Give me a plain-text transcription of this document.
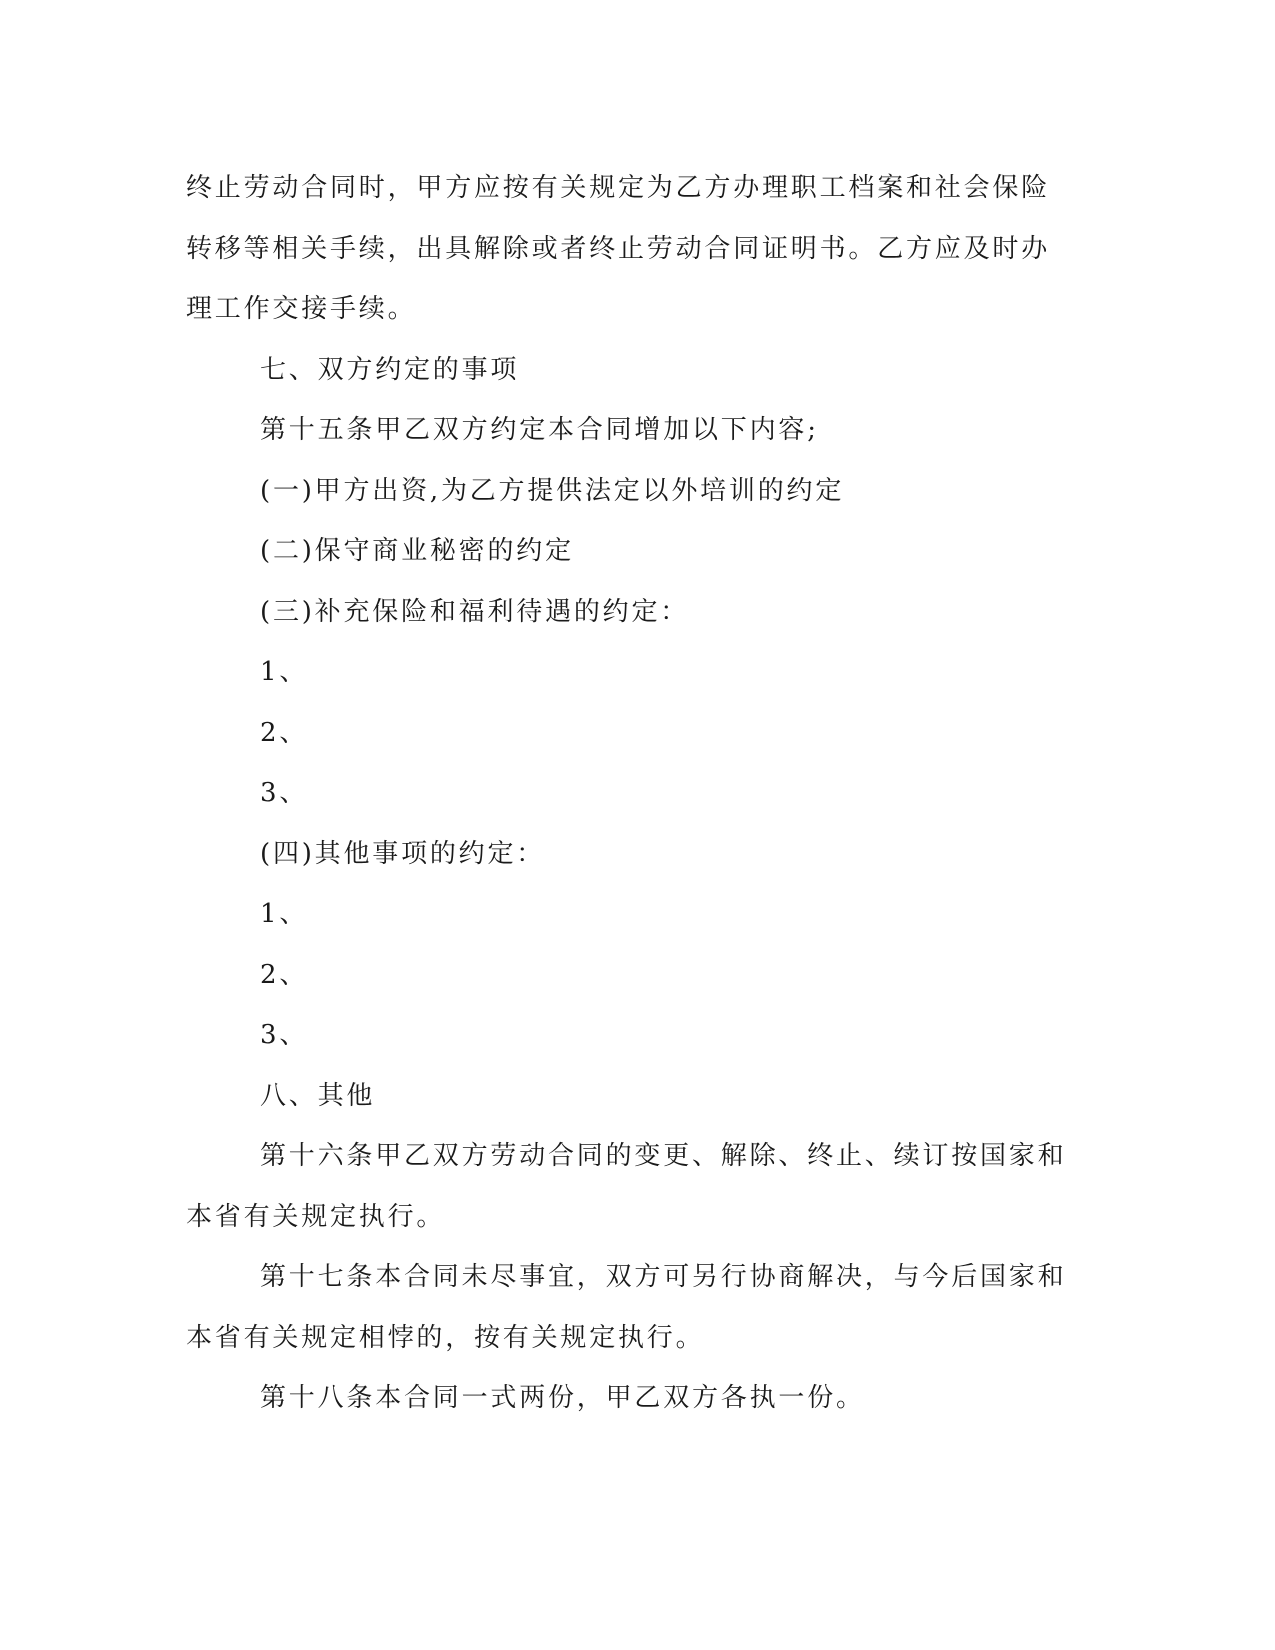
终止劳动合同时，甲方应按有关规定为乙方办理职工档案和社会保险
转移等相关手续，出具解除或者终止劳动合同证明书。乙方应及时办
理工作交接手续。
七、双方约定的事项
第十五条甲乙双方约定本合同增加以下内容;
(一)甲方出资,为乙方提供法定以外培训的约定
(二)保守商业秘密的约定
(三)补充保险和福利待遇的约定：
1、
2、
3、
(四)其他事项的约定：
1、
2、
3、
八、其他
第十六条甲乙双方劳动合同的变更、解除、终止、续订按国家和
本省有关规定执行。
第十七条本合同未尽事宜，双方可另行协商解决，与今后国家和
本省有关规定相悖的，按有关规定执行。
第十八条本合同一式两份，甲乙双方各执一份。
